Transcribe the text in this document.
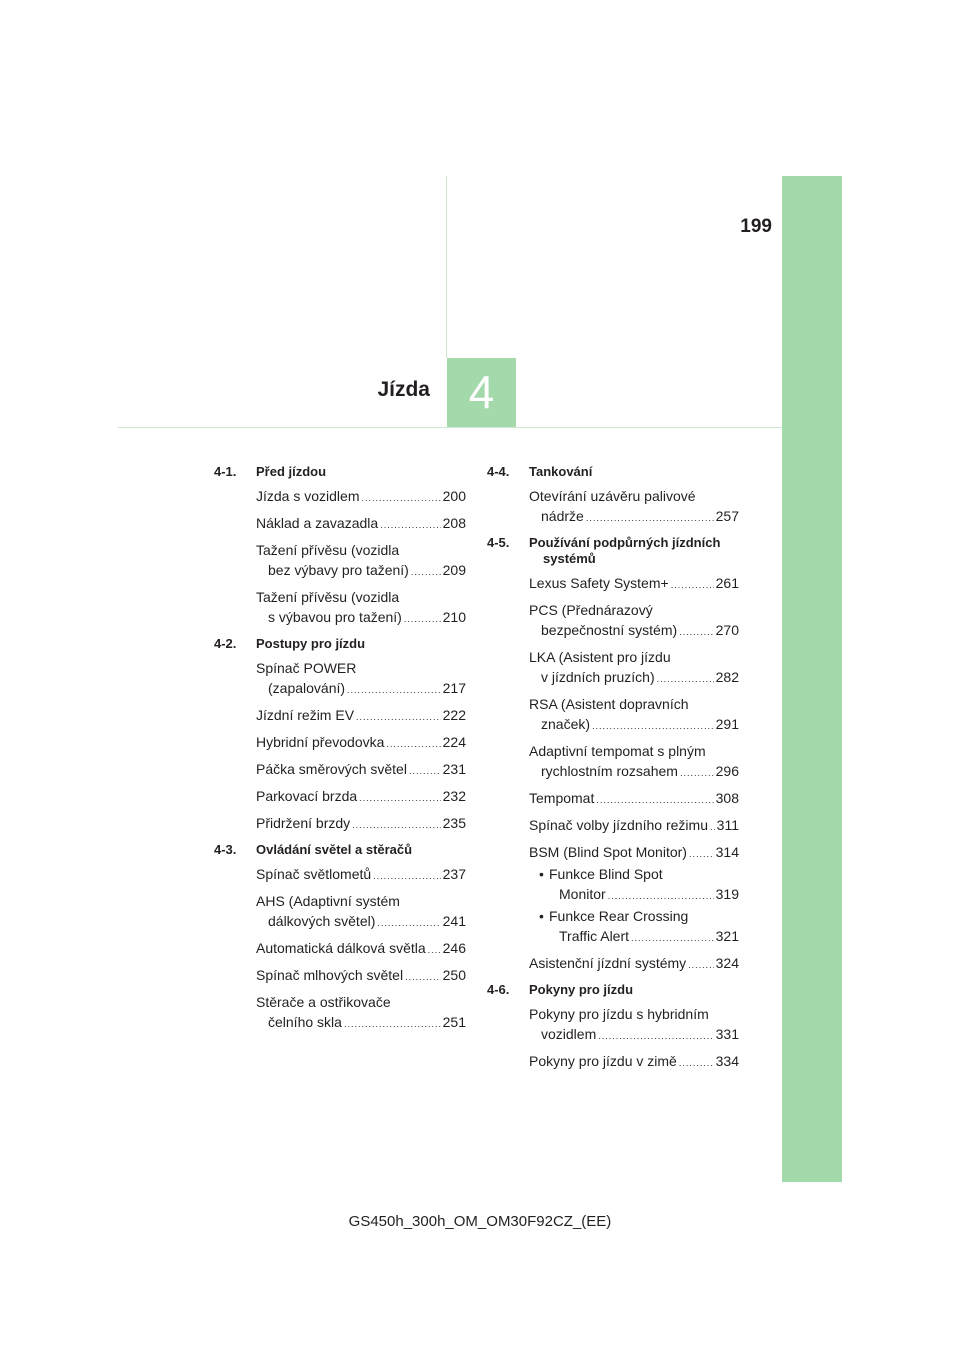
4
Jízda
199
4-1.	Před jízdou
Jízda s vozidlem .....	200
Náklad a zavazadla .....	208
Tažení přívěsu (vozidla
bez výbavy pro tažení) ..... 209
Tažení přívěsu (vozidla
s výbavou pro tažení) .....	210
4-2.	Postupy pro jízdu
Spínač POWER
(zapalování) .....	217
Jízdní režim EV .....	222
Hybridní převodovka .....	224
Páčka směrových světel .....	231
Parkovací brzda .....	232
Přidržení brzdy .....	235
4-3.	Ovládání světel a stěračů
Spínač světlometů .....	237
AHS (Adaptivní systém
dálkových světel) .....	241
Automatická dálková světla ..... 246
Spínač mlhových světel .....	250
Stěrače a ostřikovače
čelního skla .....	251
4-4.	Tankování
Otevírání uzávěru palivové
nádrže .....	257
4-5.	Používání podpůrných jízdních
systémů
Lexus Safety System+ .....	261
PCS (Přednárazový
bezpečnostní systém) .....	270
LKA (Asistent pro jízdu
v jízdních pruzích) .....	282
RSA (Asistent dopravních
značek) .....	291
Adaptivní tempomat s plným
rychlostním rozsahem .....	296
Tempomat .....	308
Spínač volby jízdního režimu ..... 311
BSM (Blind Spot Monitor) ..... 314
• Funkce Blind Spot
Monitor .....	319
• Funkce Rear Crossing
Traffic Alert .....	321
Asistenční jízdní systémy ..... 324
4-6.	Pokyny pro jízdu
Pokyny pro jízdu s hybridním
vozidlem .....	331
Pokyny pro jízdu v zimě .....	334
GS450h_300h_OM_OM30F92CZ_(EE)
